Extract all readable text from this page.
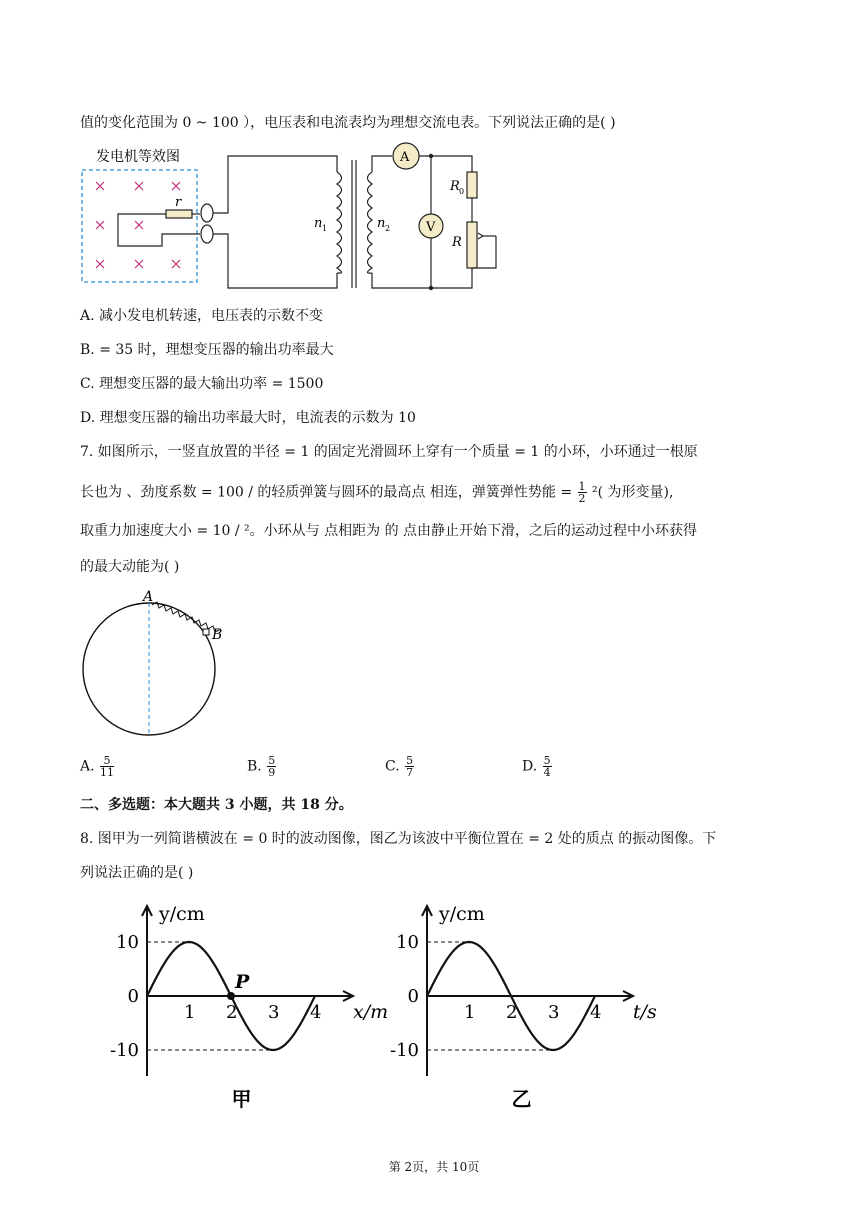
值的变化范围为 0 ~ 100 ），电压表和电流表均为理想交流电表。下列说法正确的是( )
发电机等效图
r
A
V
n 1	n 2
R 0
R
A. 减小发电机转速，电压表的示数不变
B. = 35 时，理想变压器的输出功率最大
C. 理想变压器的最大输出功率 = 1500
D. 理想变压器的输出功率最大时，电流表的示数为 10
7. 如图所示，一竖直放置的半径 = 1 的固定光滑圆环上穿有一个质量 = 1 的小环，小环通过一根原
长也为 、劲度系数 = 100 / 的轻质弹簧与圆环的最高点 相连，弹簧弹性势能 = $\frac{1}{2} ^2$( 为形变量),
取重力加速度大小 = 10 / ²。小环从与 点相距为 的 点由静止开始下滑，之后的运动过程中小环获得
的最大动能为( )
A
B
A. $\frac{5}{11}$	B. $\frac{5}{9}$	C. $\frac{5}{7}$	D. $\frac{5}{4}$
二、多选题：本大题共 3 小题，共 18 分。
8. 图甲为一列简谐横波在 = 0 时的波动图像，图乙为该波中平衡位置在 = 2 处的质点 的振动图像。下
列说法正确的是( )
1 2 3 4
10
0
-10
y/cm
x/m
P
甲
1 2 3 4
10
0
-10
y/cm
t/s
乙
第 2页，共 10页
